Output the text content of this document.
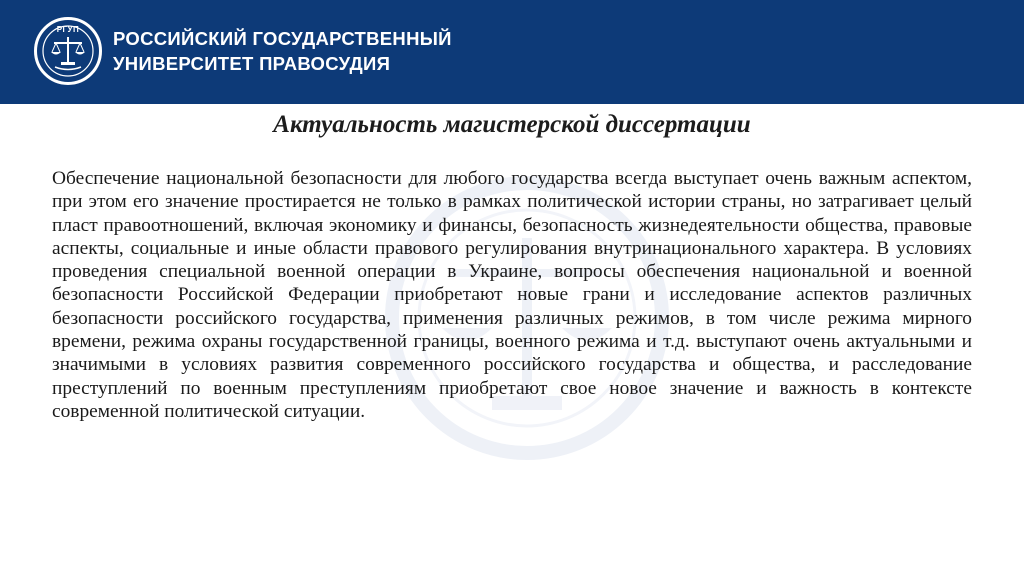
РГУП	РОССИЙСКИЙ ГОСУДАРСТВЕННЫЙ
УНИВЕРСИТЕТ ПРАВОСУДИЯ
Актуальность магистерской диссертации
Обеспечение национальной безопасности для любого государства всегда выступает очень важным аспектом, при этом его значение простирается не только в рамках политической истории страны, но затрагивает целый пласт правоотношений, включая экономику и финансы, безопасность жизнедеятельности общества, правовые аспекты, социальные и иные области правового регулирования внутринационального характера. В условиях проведения специальной военной операции в Украине, вопросы обеспечения национальной и военной безопасности Российской Федерации приобретают новые грани и исследование аспектов различных безопасности российского государства, применения различных режимов, в том числе режима мирного времени, режима охраны государственной границы, военного режима и т.д. выступают очень актуальными и значимыми в условиях развития современного российского государства и общества, и расследование преступлений по военным преступлениям приобретают свое новое значение и важность в контексте современной политической ситуации.
